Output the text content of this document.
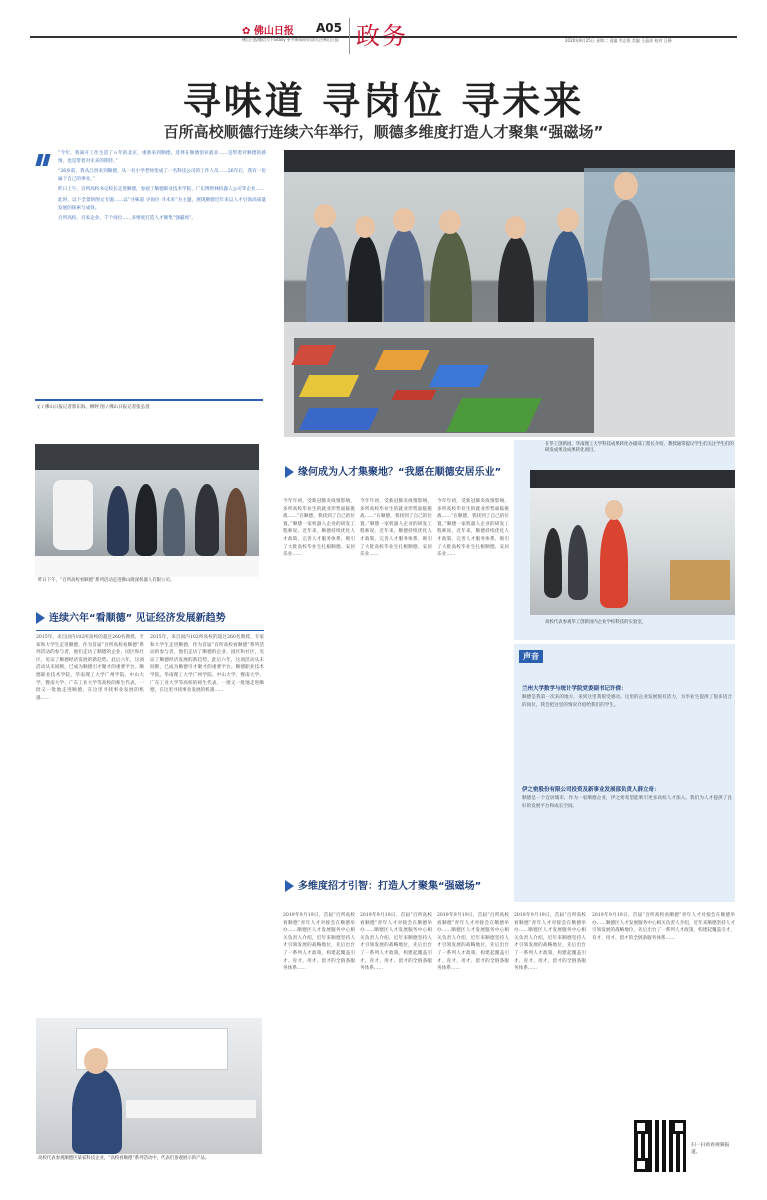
✿ 佛山日报 A05
佛山日报微信号 FSdaily 更多新闻资讯请关注佛山日报 政务	2020年8月25日 星期二 责编 韦志锐 美编 王晶冰 校对 汪静
寻味道 寻岗位 寻未来
百所高校顺德行连续六年举行，顺德多维度打造人才聚集“强磁场”

“今年，我离开工作生活了６年的北京，重新来到顺德，选择在顺德创业就业……是带着对顺德的感情，也是带着对未来的期待。”

“26岁前，我从江西来到顺德，从一名小学老师变成了一名科技公司的工作人员……26年后，我有一份属于自己的事业。”

昨日上午，百所高校书记校长走进顺德，参观了顺德职业技术学院、广东博智林机器人公司等企业……

此时，以下全景的图文专题……以“寻味道 寻岗位 寻未来”为主题，展现顺德近年来以人才引领高质量发展的探索与成效。

百所高校、百家企业、千个岗位……多维度打造人才聚集“强磁场”。

文 / 佛山日报记者郭东海、柳婷 图 / 佛山日报记者张弘弢
昨日下午，“百所高校看顺德”系列活动走进佛山隆深机器人有限公司。
连续六年“看顺德” 见证经济发展新趋势
2015年，来自国内102所高校的超过260名教授、专家和大学生走进顺德，作为首届“百所高校看顺德”系列活动的参与者，他们走访了顺德的企业、园区和社区，见证了顺德经济发展的新趋势。此后六年，这项活动从未间断，已成为顺德引才聚才的重要平台。顺德职业技术学院、华南理工大学广州学院、中山大学、暨南大学、广东工业大学等高校的师生代表，一批又一批地走进顺德，在这里寻找事业发展的机遇……
2015年，来自国内102所高校的超过260名教授、专家和大学生走进顺德，作为首届“百所高校看顺德”系列活动的参与者，他们走访了顺德的企业、园区和社区，见证了顺德经济发展的新趋势。此后六年，这项活动从未间断，已成为顺德引才聚才的重要平台。顺德职业技术学院、华南理工大学广州学院、中山大学、暨南大学、广东工业大学等高校的师生代表，一批又一批地走进顺德，在这里寻找事业发展的机遇……
缘何成为人才集聚地？“我愿在顺德安居乐业”
今年年初，受新冠肺炎疫情影响，多所高校毕业生的就业形势面临挑战……“在顺德，我找到了自己的位置。”顺德一家机器人企业的研发工程师说。近年来，顺德持续优化人才政策，完善人才服务体系，吸引了大批高校毕业生扎根顺德、安居乐业……
今年年初，受新冠肺炎疫情影响，多所高校毕业生的就业形势面临挑战……“在顺德，我找到了自己的位置。”顺德一家机器人企业的研发工程师说。近年来，顺德持续优化人才政策，完善人才服务体系，吸引了大批高校毕业生扎根顺德、安居乐业……
今年年初，受新冠肺炎疫情影响，多所高校毕业生的就业形势面临挑战……“在顺德，我找到了自己的位置。”顺德一家机器人企业的研发工程师说。近年来，顺德持续优化人才政策，完善人才服务体系，吸引了大批高校毕业生扎根顺德、安居乐业……
在华工创新园，华南理工大学科技成果转化办副部工程长介绍，教授通常提议学生们关注学生们的研发成果及成果转化项目。
高校代表参观华工创新园内企业学校科技的实验室。
声音
兰州大学数学与统计学院党委副书记许倩：
顺德是我第一次来的地方，来到这里我很受感动。这里的企业发展很有活力，为毕业生提供了很多适合的岗位，我会把这里的情况介绍给我们的学生。
伊之密股份有限公司投资及新事业发展部负责人薛立奇：
顺德是一个宜居城市，作为一家顺德企业，伊之密希望能吸引更多高校人才加入，我们为人才提供了良好的发展平台和成长空间。
多维度招才引智：打造人才聚集“强磁场”
2019年9月19日，首届“百所高校看顺德”青年人才对接会在顺德举办……顺德区人才发展服务中心相关负责人介绍，近年来顺德坚持人才引领发展的战略地位，先后出台了一系列人才政策，构建起覆盖引才、育才、用才、留才的全链条服务体系……
2019年9月19日，首届“百所高校看顺德”青年人才对接会在顺德举办……顺德区人才发展服务中心相关负责人介绍，近年来顺德坚持人才引领发展的战略地位，先后出台了一系列人才政策，构建起覆盖引才、育才、用才、留才的全链条服务体系……
2019年9月19日，首届“百所高校看顺德”青年人才对接会在顺德举办……顺德区人才发展服务中心相关负责人介绍，近年来顺德坚持人才引领发展的战略地位，先后出台了一系列人才政策，构建起覆盖引才、育才、用才、留才的全链条服务体系……
2019年9月19日，首届“百所高校看顺德”青年人才对接会在顺德举办……顺德区人才发展服务中心相关负责人介绍，近年来顺德坚持人才引领发展的战略地位，先后出台了一系列人才政策，构建起覆盖引才、育才、用才、留才的全链条服务体系……
2019年9月19日，首届“百所高校看顺德”青年人才对接会在顺德举办……顺德区人才发展服务中心相关负责人介绍，近年来顺德坚持人才引领发展的战略地位，先后出台了一系列人才政策，构建起覆盖引才、育才、用才、留才的全链条服务体系……
高校代表参观顺德区某家科技企业，“高校看顺德”系列活动中，代表们参观展示的产品。
扫一扫看看视频报道。
